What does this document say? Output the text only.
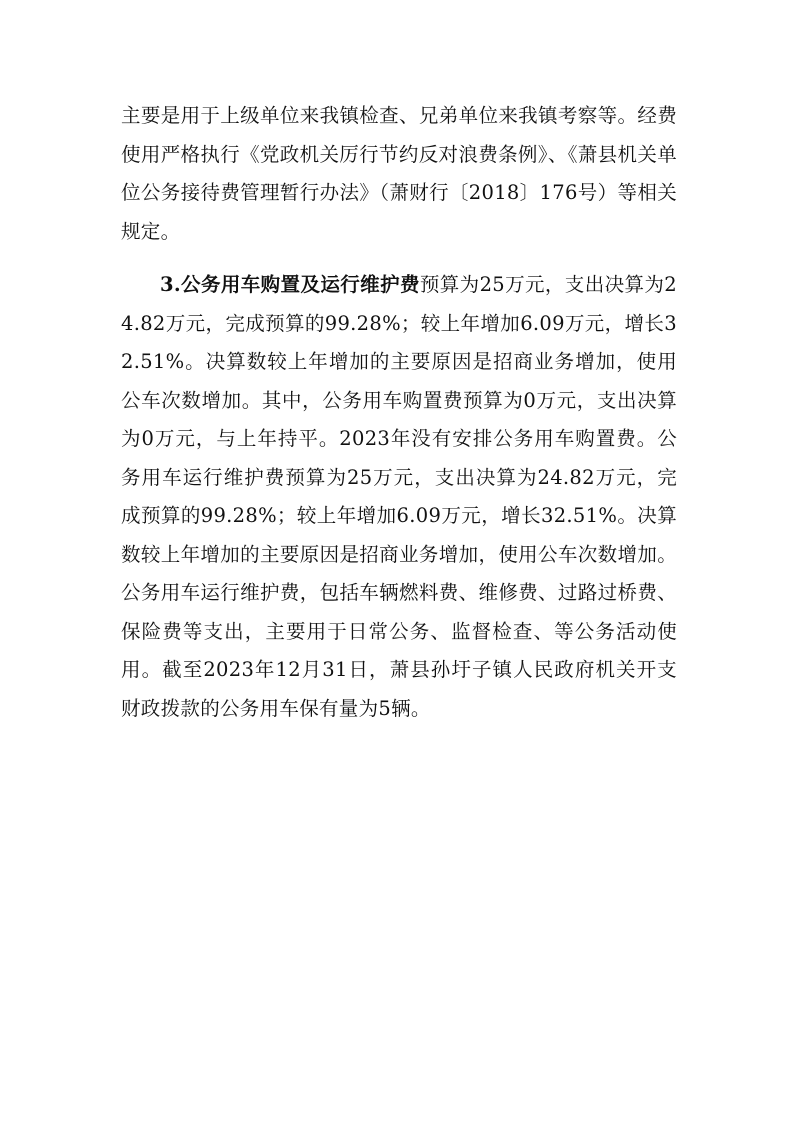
主要是用于上级单位来我镇检查、兄弟单位来我镇考察等。经费使用严格执行《党政机关厉行节约反对浪费条例》、《萧县机关单位公务接待费管理暂行办法》（萧财行〔2018〕176号）等相关规定。

3.公务用车购置及运行维护费预算为25万元，支出决算为24.82万元，完成预算的99.28%；较上年增加6.09万元，增长32.51%。决算数较上年增加的主要原因是招商业务增加，使用公车次数增加。其中，公务用车购置费预算为0万元，支出决算为0万元，与上年持平。2023年没有安排公务用车购置费。公务用车运行维护费预算为25万元，支出决算为24.82万元，完成预算的99.28%；较上年增加6.09万元，增长32.51%。决算数较上年增加的主要原因是招商业务增加，使用公车次数增加。公务用车运行维护费，包括车辆燃料费、维修费、过路过桥费、保险费等支出，主要用于日常公务、监督检查、等公务活动使用。截至2023年12月31日，萧县孙圩子镇人民政府机关开支财政拨款的公务用车保有量为5辆。
